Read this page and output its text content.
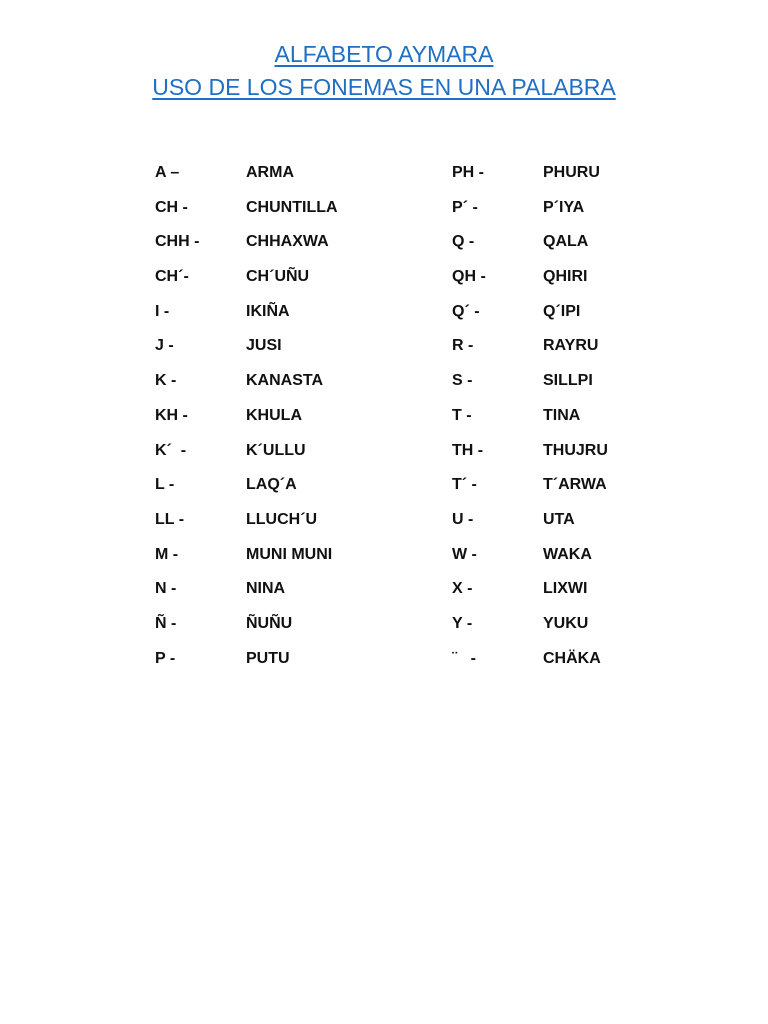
ALFABETO AYMARA
USO DE LOS FONEMAS EN UNA PALABRA
A –	ARMA	PH -	PHURU
CH -	CHUNTILLA	P´ -	P´IYA
CHH -	CHHAXWA	Q -	QALA
CH´-	CH´UÑU	QH -	QHIRI
I -	IKIÑA	Q´ -	Q´IPI
J -	JUSI	R -	RAYRU
K -	KANASTA	S -	SILLPI
KH -	KHULA	T -	TINA
K´  -	K´ULLU	TH -	THUJRU
L -	LAQ´A	T´ -	T´ARWA
LL -	LLUCH´U	U -	UTA
M -	MUNI MUNI	W -	WAKA
N -	NINA	X -	LIXWI
Ñ -	ÑUÑU	Y -	YUKU
P -	PUTU	¨   -	CHÄKA
